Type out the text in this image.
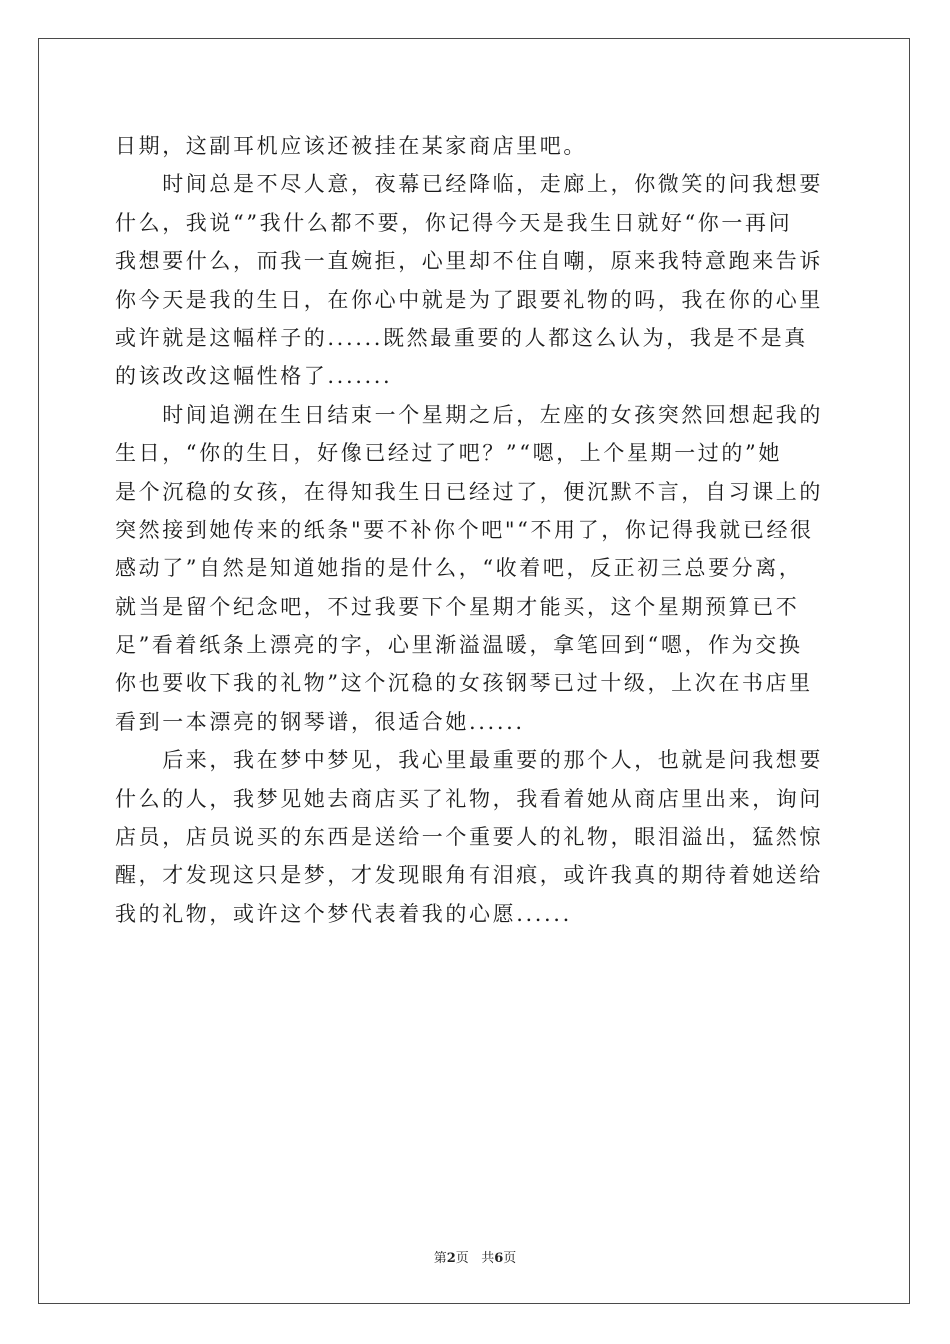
日期，这副耳机应该还被挂在某家商店里吧。
　　时间总是不尽人意，夜幕已经降临，走廊上，你微笑的问我想要
什么，我说“”我什么都不要，你记得今天是我生日就好“你一再问
我想要什么，而我一直婉拒，心里却不住自嘲，原来我特意跑来告诉
你今天是我的生日，在你心中就是为了跟要礼物的吗，我在你的心里
或许就是这幅样子的......既然最重要的人都这么认为，我是不是真
的该改改这幅性格了.......
　　时间追溯在生日结束一个星期之后，左座的女孩突然回想起我的
生日，“你的生日，好像已经过了吧？”“嗯，上个星期一过的”她
是个沉稳的女孩，在得知我生日已经过了，便沉默不言，自习课上的
突然接到她传来的纸条"要不补你个吧"“不用了，你记得我就已经很
感动了”自然是知道她指的是什么，“收着吧，反正初三总要分离，
就当是留个纪念吧，不过我要下个星期才能买，这个星期预算已不
足”看着纸条上漂亮的字，心里渐溢温暖，拿笔回到“嗯，作为交换
你也要收下我的礼物”这个沉稳的女孩钢琴已过十级，上次在书店里
看到一本漂亮的钢琴谱，很适合她......
　　后来，我在梦中梦见，我心里最重要的那个人，也就是问我想要
什么的人，我梦见她去商店买了礼物，我看着她从商店里出来，询问
店员，店员说买的东西是送给一个重要人的礼物，眼泪溢出，猛然惊
醒，才发现这只是梦，才发现眼角有泪痕，或许我真的期待着她送给
我的礼物，或许这个梦代表着我的心愿......
第2页 共6页
